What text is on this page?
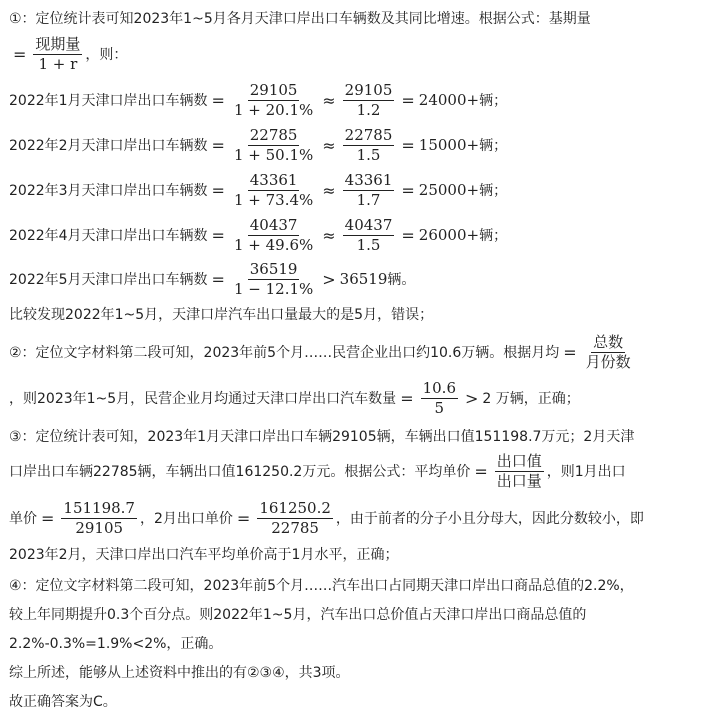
①：定位统计表可知2023年1~5月各月天津口岸出口车辆数及其同比增速。根据公式：基期量
= $\frac{\text{现期量}}{1 + r}$ ，则：
2022年1月天津口岸出口车辆数 = $\frac{29105}{1 + 20.1\%} \approx \frac{29105}{1.2} = 24000$ + 辆；
2022年2月天津口岸出口车辆数 = $\frac{22785}{1 + 50.1\%} \approx \frac{22785}{1.5} = 15000$ + 辆；
2022年3月天津口岸出口车辆数 = $\frac{43361}{1 + 73.4\%} \approx \frac{43361}{1.7} = 25000$ + 辆；
2022年4月天津口岸出口车辆数 = $\frac{40437}{1 + 49.6\%} \approx \frac{40437}{1.5} = 26000$ + 辆；
2022年5月天津口岸出口车辆数 = $\frac{36519}{1 - 12.1\%} > 36519$ 辆。
比较发现2022年1~5月，天津口岸汽车出口量最大的是5月，错误；
②：定位文字材料第二段可知，2023年前5个月……民营企业出口约10.6万辆。根据月均 = $\frac{\text{总数}}{\text{月份数}}$
，则2023年1~5月，民营企业月均通过天津口岸出口汽车数量 = $\frac{10.6}{5} > 2$ 万辆，正确；
③：定位统计表可知，2023年1月天津口岸出口车辆29105辆，车辆出口值151198.7万元；2月天津
口岸出口车辆22785辆，车辆出口值161250.2万元。根据公式：平均单价 = $\frac{\text{出口值}}{\text{出口量}}$ ，则1月出口
单价 = $\frac{151198.7}{29105}$ ，2月出口单价 = $\frac{161250.2}{22785}$ ，由于前者的分子小且分母大，因此分数较小，即
2023年2月，天津口岸出口汽车平均单价高于1月水平，正确；
④：定位文字材料第二段可知，2023年前5个月……汽车出口占同期天津口岸出口商品总值的2.2%，
较上年同期提升0.3个百分点。则2022年1~5月，汽车出口总价值占天津口岸出口商品总值的
2.2%-0.3%=1.9%<2%，正确。
综上所述，能够从上述资料中推出的有②③④，共3项。
故正确答案为C。
